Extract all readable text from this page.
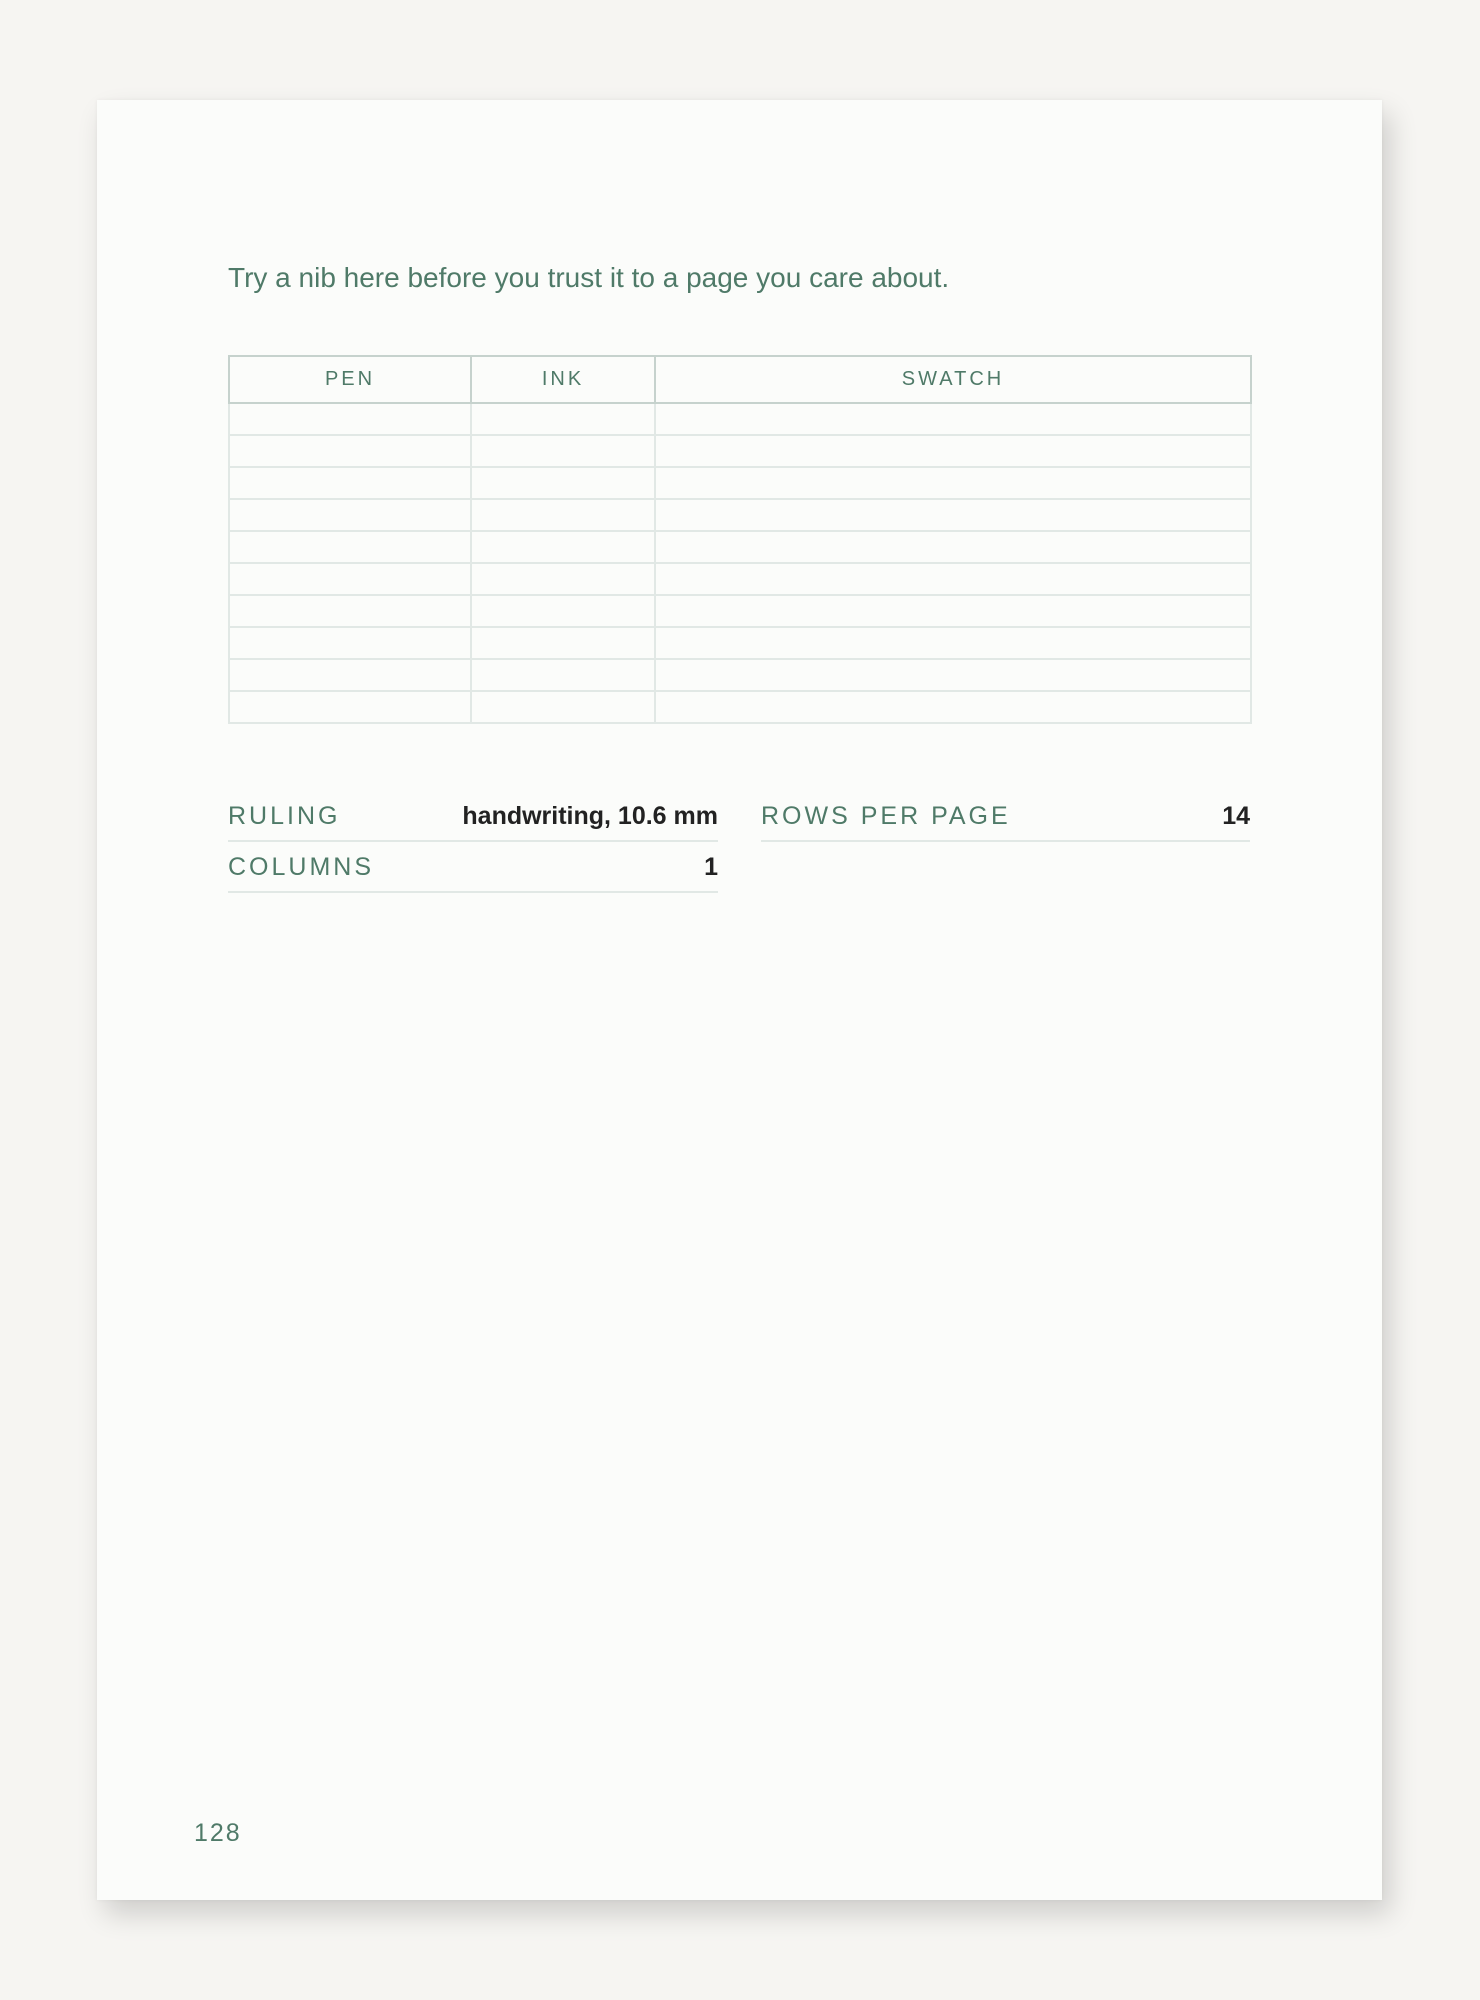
Try a nib here before you trust it to a page you care about.

PEN	INK	SWATCH

RULING	handwriting, 10.6 mm ROWS PER PAGE	14
COLUMNS	1
128
